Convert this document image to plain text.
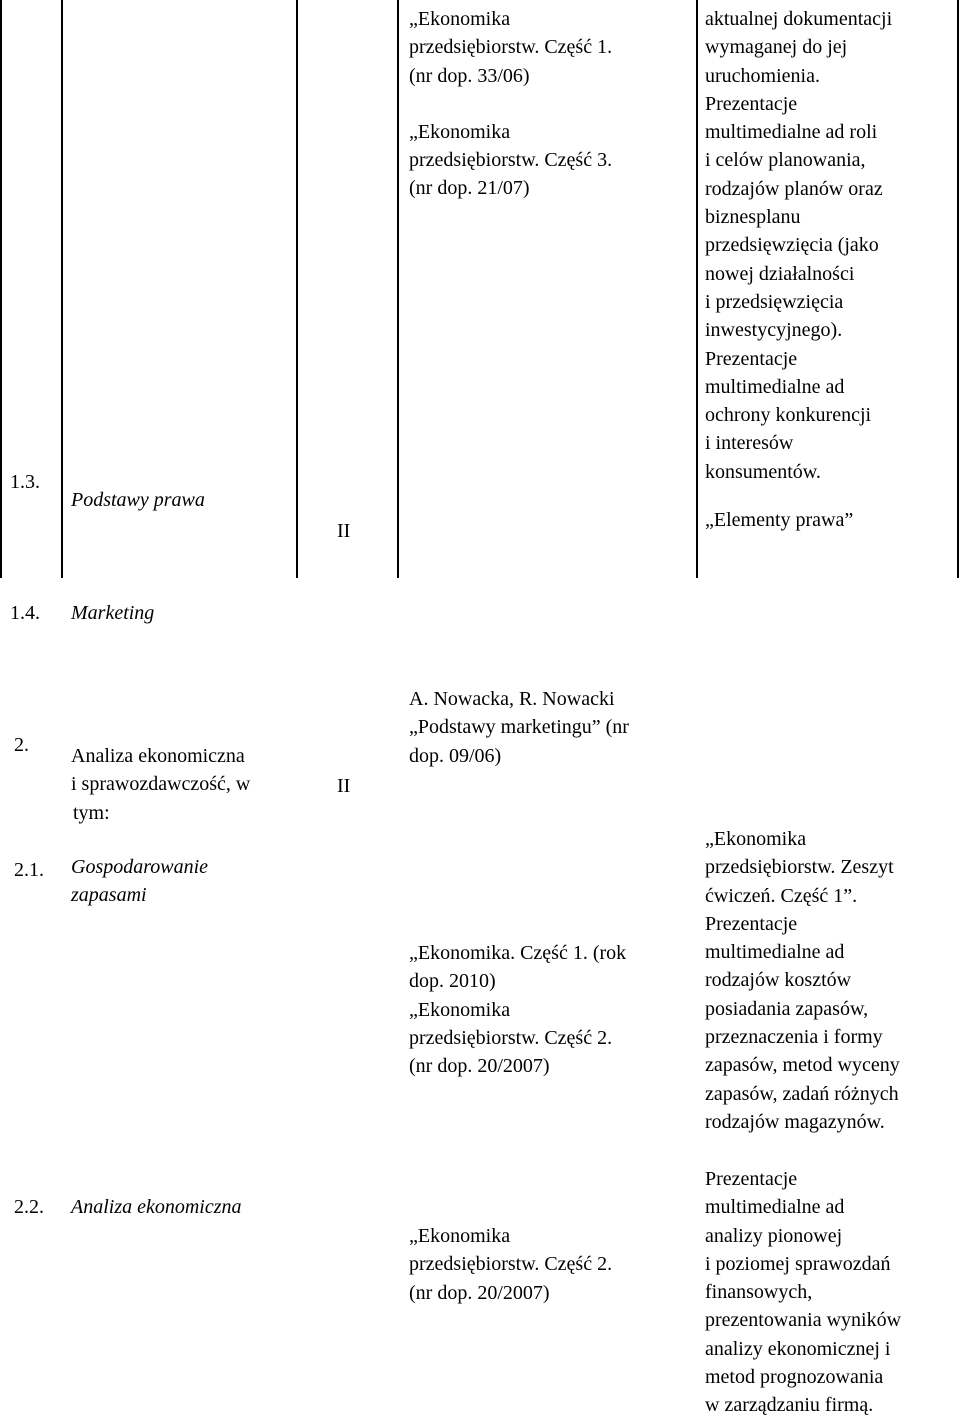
1.3.
Podstawy prawa
II
„Ekonomika
przedsiębiorstw. Część 1.
(nr dop. 33/06)
„Ekonomika
przedsiębiorstw. Część 3.
(nr dop. 21/07)
aktualnej dokumentacji
wymaganej do jej
uruchomienia.
Prezentacje
multimedialne ad roli
i celów planowania,
rodzajów planów oraz
biznesplanu
przedsięwzięcia (jako
nowej działalności
i przedsięwzięcia
inwestycyjnego).
Prezentacje
multimedialne ad
ochrony konkurencji
i interesów
konsumentów.
„Elementy prawa”
1.4. Marketing
2. Analiza ekonomiczna
i sprawozdawczość, w
tym:
II
A. Nowacka, R. Nowacki
„Podstawy marketingu” (nr
dop. 09/06)
2.1. Gospodarowanie
zapasami
„Ekonomika. Część 1. (rok
dop. 2010)
„Ekonomika
przedsiębiorstw. Część 2.
(nr dop. 20/2007)
„Ekonomika
przedsiębiorstw. Zeszyt
ćwiczeń. Część 1”.
Prezentacje
multimedialne ad
rodzajów kosztów
posiadania zapasów,
przeznaczenia i formy
zapasów, metod wyceny
zapasów, zadań różnych
rodzajów magazynów.
2.2. Analiza ekonomiczna
„Ekonomika
przedsiębiorstw. Część 2.
(nr dop. 20/2007)
Prezentacje
multimedialne ad
analizy pionowej
i poziomej sprawozdań
finansowych,
prezentowania wyników
analizy ekonomicznej i
metod prognozowania
w zarządzaniu firmą.
